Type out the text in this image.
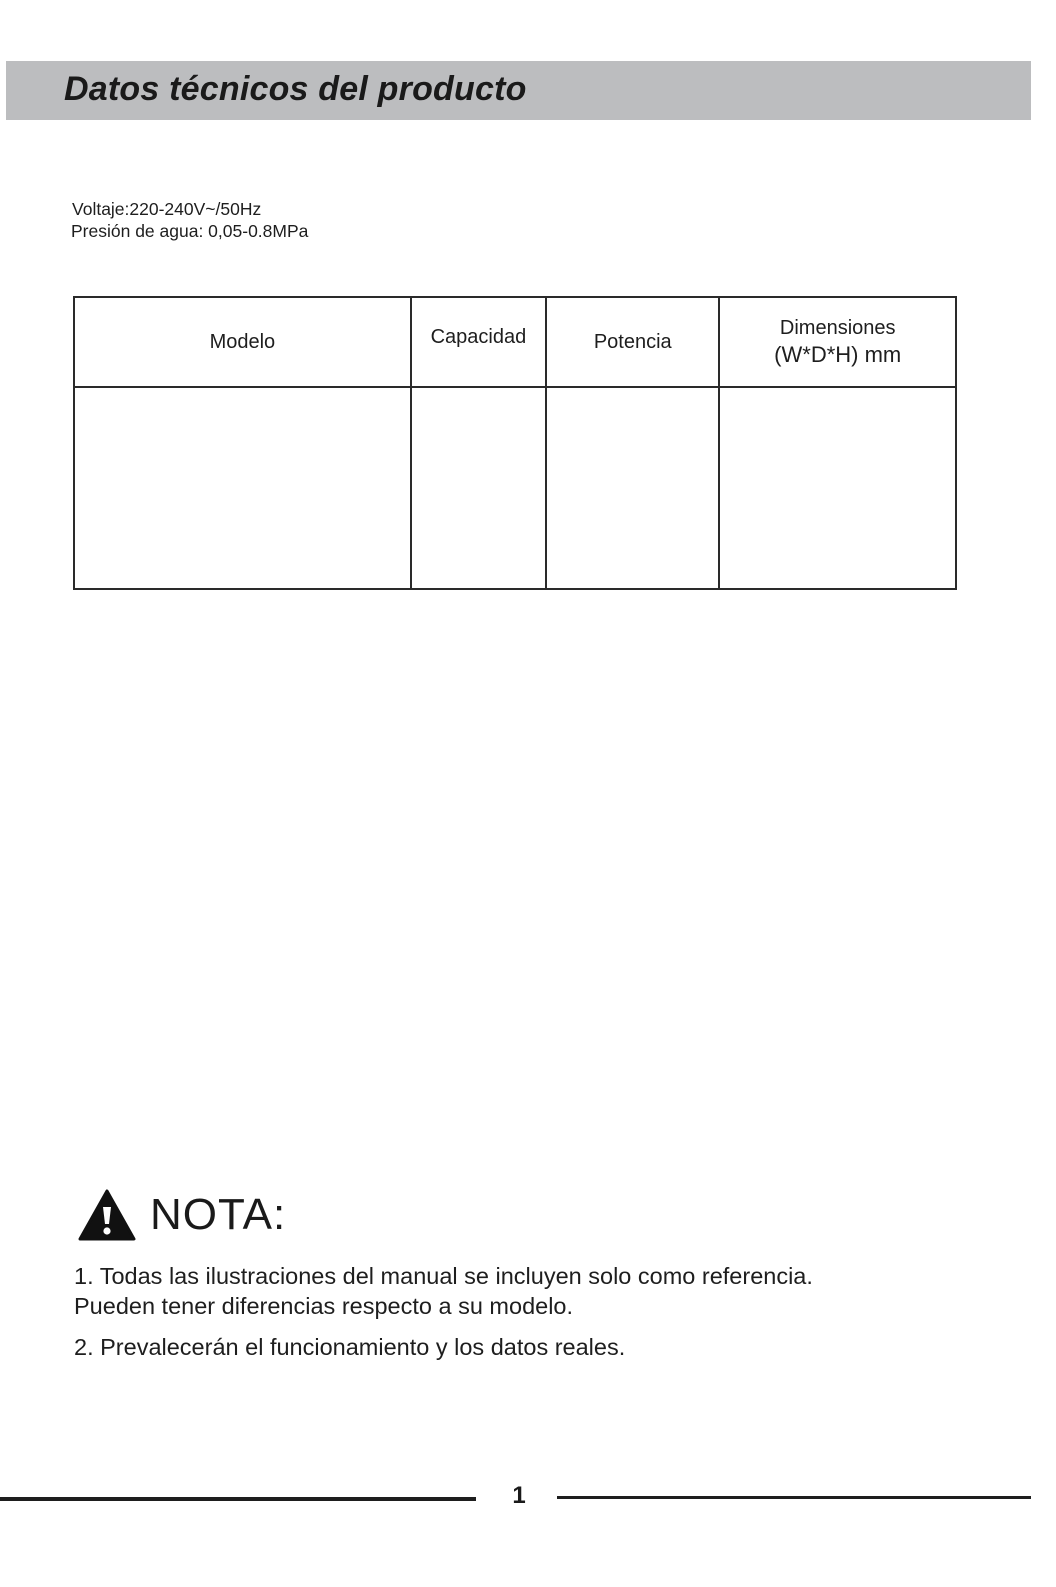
Datos técnicos del producto
Voltaje:220-240V~/50Hz
Presión de agua: 0,05-0.8MPa
Modelo	Capacidad	Potencia	Dimensiones
(W*D*H) mm

NOTA:
1. Todas las ilustraciones del manual se incluyen solo como referencia.
Pueden tener diferencias respecto a su modelo.
2. Prevalecerán el funcionamiento y los datos reales.
1
